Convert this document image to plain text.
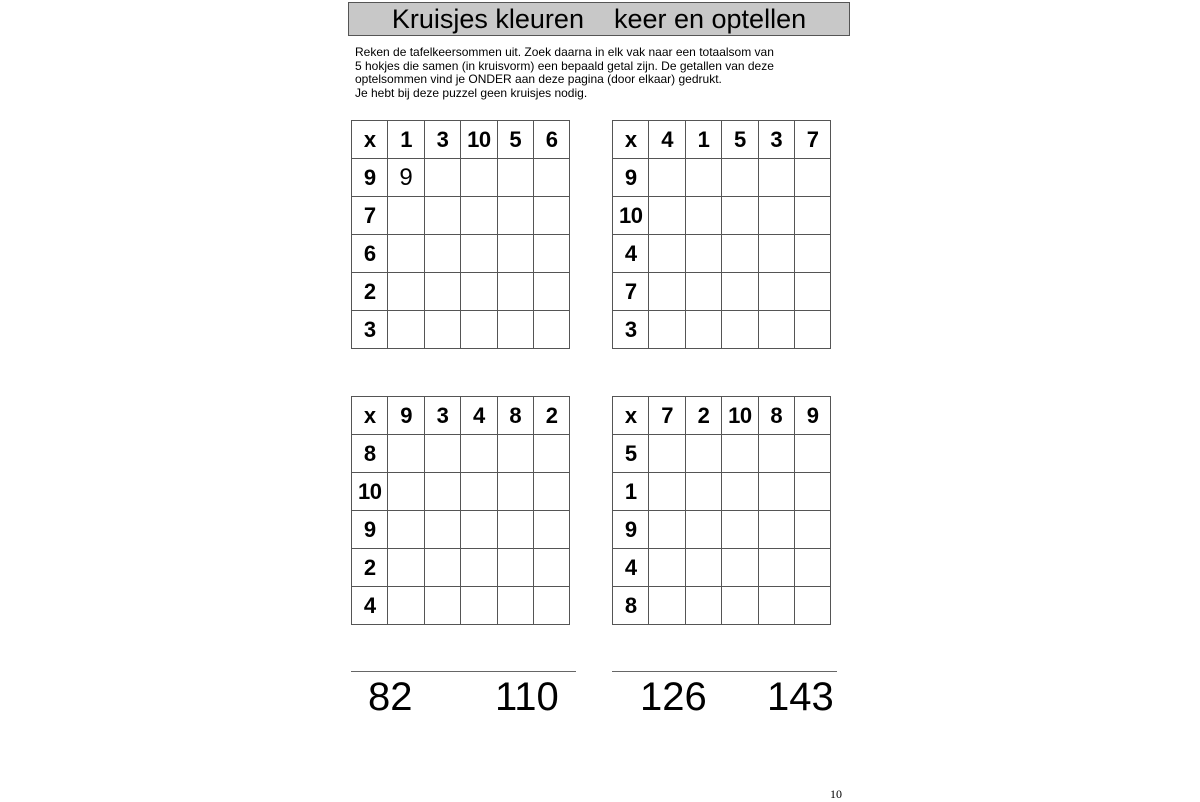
Kruisjes kleuren    keer en optellen
Reken de tafelkeersommen uit. Zoek daarna in elk vak naar een totaalsom van
5 hokjes die samen (in kruisvorm) een bepaald getal zijn. De getallen van deze
optelsommen vind je ONDER aan deze pagina (door elkaar) gedrukt.
Je hebt bij deze puzzel geen kruisjes nodig.
x	1	3	10	5	6
9	9				
7					
6					
2					
3					
x	4	1	5	3	7
9					
10					
4					
7					
3					
x	9	3	4	8	2
8					
10					
9					
2					
4					
x	7	2	10	8	9
5					
1					
9					
4					
8					
82 110 126 143
10
